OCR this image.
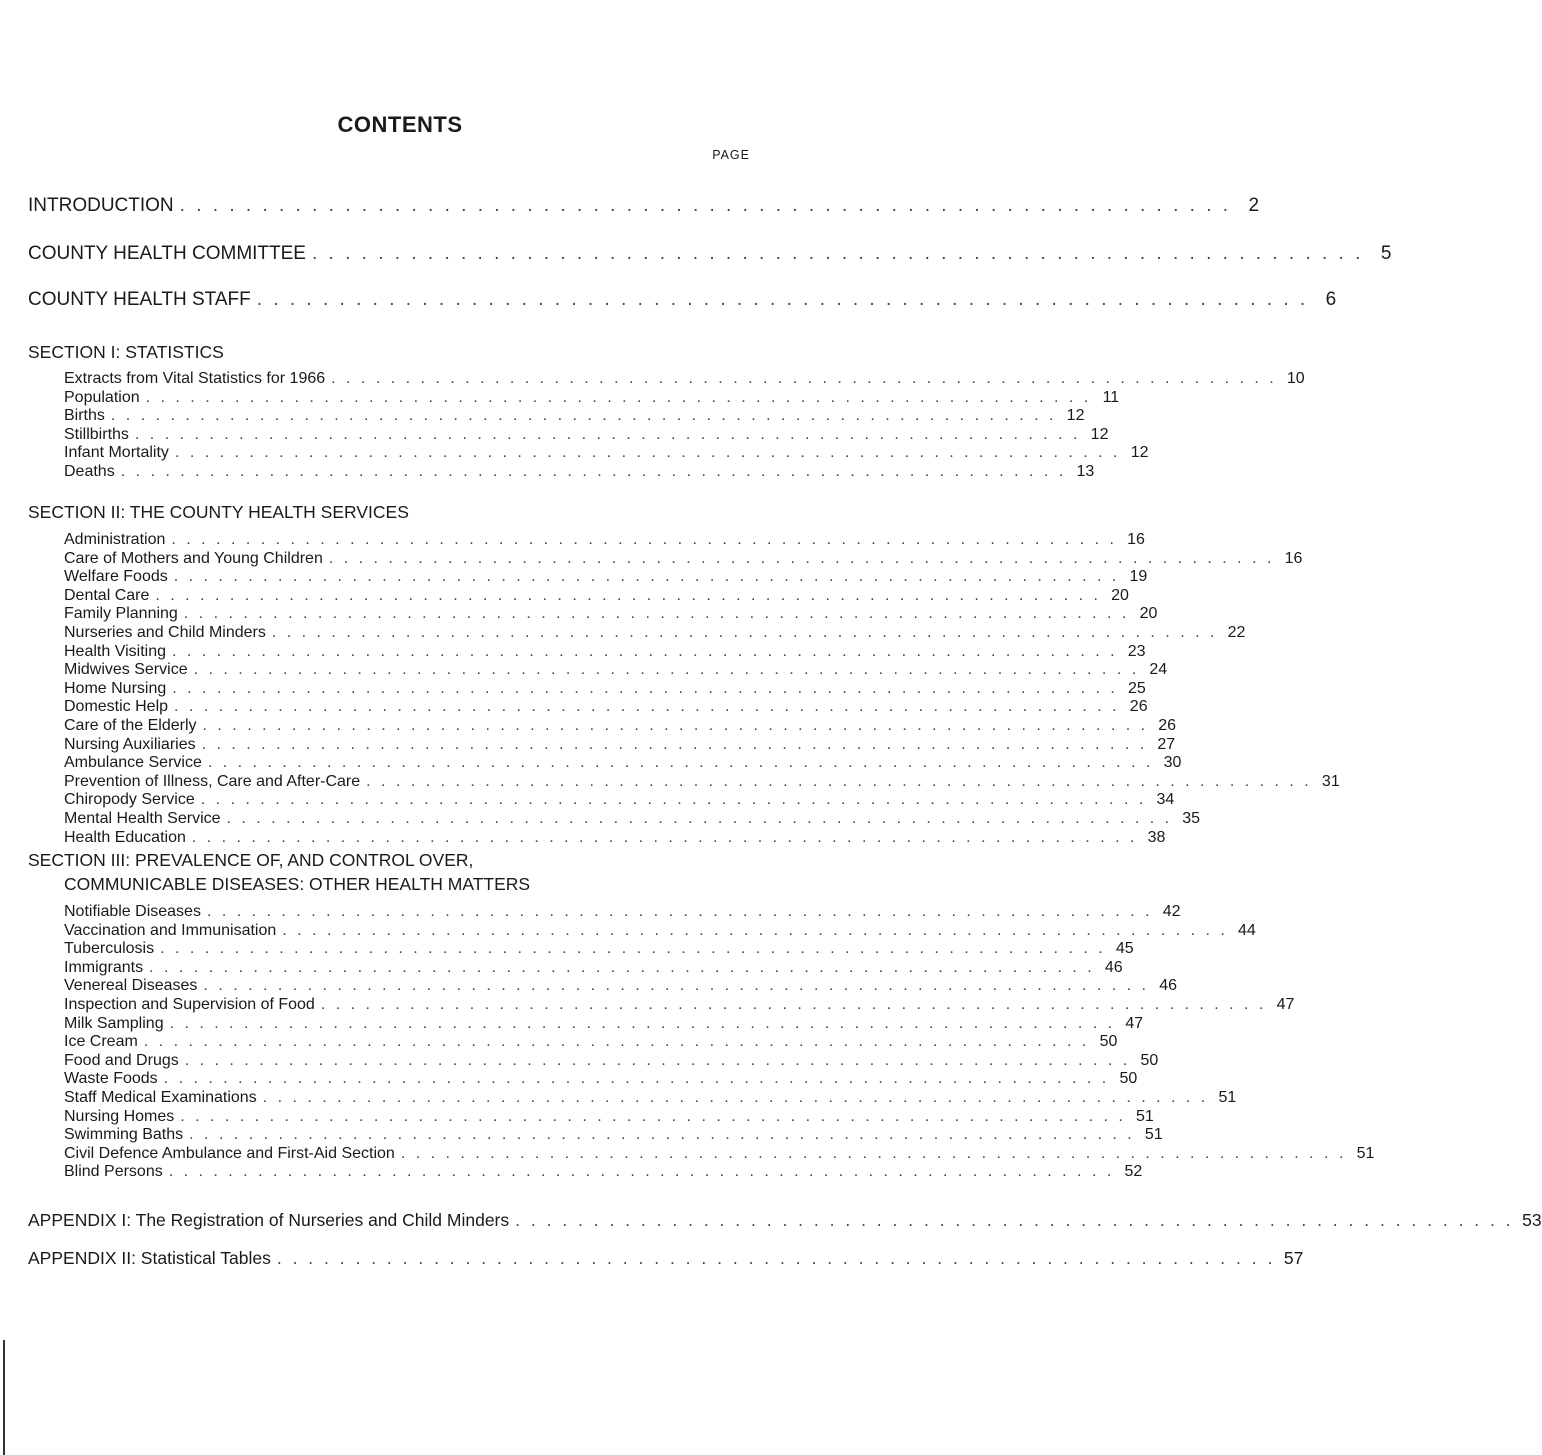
CONTENTS
PAGE
INTRODUCTION . . . . . . . . . . . . . . . . . . . . . . . . . . . . . . . . . . . . . . . . . . . . . . . . . . . . . . . . . . . . . . . . 2
COUNTY HEALTH COMMITTEE . . . . . . . . . . . . . . . . . . . . . . . . . . . . . . . . . . . . . . . . . . . . . . . . . . . . . . . . . . . . . . . . 5
COUNTY HEALTH STAFF . . . . . . . . . . . . . . . . . . . . . . . . . . . . . . . . . . . . . . . . . . . . . . . . . . . . . . . . . . . . . . . . 6
SECTION I: STATISTICS
Extracts from Vital Statistics for 1966 . . . . . . . . . . . . . . . . . . . . . . . . . . . . . . . . . . . . . . . . . . . . . . . . . . . . . . . . . . . . . . . . 10
Population . . . . . . . . . . . . . . . . . . . . . . . . . . . . . . . . . . . . . . . . . . . . . . . . . . . . . . . . . . . . . . . . 11
Births . . . . . . . . . . . . . . . . . . . . . . . . . . . . . . . . . . . . . . . . . . . . . . . . . . . . . . . . . . . . . . . . 12
Stillbirths . . . . . . . . . . . . . . . . . . . . . . . . . . . . . . . . . . . . . . . . . . . . . . . . . . . . . . . . . . . . . . . . 12
Infant Mortality . . . . . . . . . . . . . . . . . . . . . . . . . . . . . . . . . . . . . . . . . . . . . . . . . . . . . . . . . . . . . . . . 12
Deaths . . . . . . . . . . . . . . . . . . . . . . . . . . . . . . . . . . . . . . . . . . . . . . . . . . . . . . . . . . . . . . . . 13
SECTION II: THE COUNTY HEALTH SERVICES
Administration . . . . . . . . . . . . . . . . . . . . . . . . . . . . . . . . . . . . . . . . . . . . . . . . . . . . . . . . . . . . . . . . 16
Care of Mothers and Young Children . . . . . . . . . . . . . . . . . . . . . . . . . . . . . . . . . . . . . . . . . . . . . . . . . . . . . . . . . . . . . . . . 16
Welfare Foods . . . . . . . . . . . . . . . . . . . . . . . . . . . . . . . . . . . . . . . . . . . . . . . . . . . . . . . . . . . . . . . . 19
Dental Care . . . . . . . . . . . . . . . . . . . . . . . . . . . . . . . . . . . . . . . . . . . . . . . . . . . . . . . . . . . . . . . . 20
Family Planning . . . . . . . . . . . . . . . . . . . . . . . . . . . . . . . . . . . . . . . . . . . . . . . . . . . . . . . . . . . . . . . . 20
Nurseries and Child Minders . . . . . . . . . . . . . . . . . . . . . . . . . . . . . . . . . . . . . . . . . . . . . . . . . . . . . . . . . . . . . . . . 22
Health Visiting . . . . . . . . . . . . . . . . . . . . . . . . . . . . . . . . . . . . . . . . . . . . . . . . . . . . . . . . . . . . . . . . 23
Midwives Service . . . . . . . . . . . . . . . . . . . . . . . . . . . . . . . . . . . . . . . . . . . . . . . . . . . . . . . . . . . . . . . . 24
Home Nursing . . . . . . . . . . . . . . . . . . . . . . . . . . . . . . . . . . . . . . . . . . . . . . . . . . . . . . . . . . . . . . . . 25
Domestic Help . . . . . . . . . . . . . . . . . . . . . . . . . . . . . . . . . . . . . . . . . . . . . . . . . . . . . . . . . . . . . . . . 26
Care of the Elderly . . . . . . . . . . . . . . . . . . . . . . . . . . . . . . . . . . . . . . . . . . . . . . . . . . . . . . . . . . . . . . . . 26
Nursing Auxiliaries . . . . . . . . . . . . . . . . . . . . . . . . . . . . . . . . . . . . . . . . . . . . . . . . . . . . . . . . . . . . . . . . 27
Ambulance Service . . . . . . . . . . . . . . . . . . . . . . . . . . . . . . . . . . . . . . . . . . . . . . . . . . . . . . . . . . . . . . . . 30
Prevention of Illness, Care and After-Care . . . . . . . . . . . . . . . . . . . . . . . . . . . . . . . . . . . . . . . . . . . . . . . . . . . . . . . . . . . . . . . . 31
Chiropody Service . . . . . . . . . . . . . . . . . . . . . . . . . . . . . . . . . . . . . . . . . . . . . . . . . . . . . . . . . . . . . . . . 34
Mental Health Service . . . . . . . . . . . . . . . . . . . . . . . . . . . . . . . . . . . . . . . . . . . . . . . . . . . . . . . . . . . . . . . . 35
Health Education . . . . . . . . . . . . . . . . . . . . . . . . . . . . . . . . . . . . . . . . . . . . . . . . . . . . . . . . . . . . . . . . 38
SECTION III: PREVALENCE OF, AND CONTROL OVER,
COMMUNICABLE DISEASES: OTHER HEALTH MATTERS
Notifiable Diseases . . . . . . . . . . . . . . . . . . . . . . . . . . . . . . . . . . . . . . . . . . . . . . . . . . . . . . . . . . . . . . . . 42
Vaccination and Immunisation . . . . . . . . . . . . . . . . . . . . . . . . . . . . . . . . . . . . . . . . . . . . . . . . . . . . . . . . . . . . . . . . 44
Tuberculosis . . . . . . . . . . . . . . . . . . . . . . . . . . . . . . . . . . . . . . . . . . . . . . . . . . . . . . . . . . . . . . . . 45
Immigrants . . . . . . . . . . . . . . . . . . . . . . . . . . . . . . . . . . . . . . . . . . . . . . . . . . . . . . . . . . . . . . . . 46
Venereal Diseases . . . . . . . . . . . . . . . . . . . . . . . . . . . . . . . . . . . . . . . . . . . . . . . . . . . . . . . . . . . . . . . . 46
Inspection and Supervision of Food . . . . . . . . . . . . . . . . . . . . . . . . . . . . . . . . . . . . . . . . . . . . . . . . . . . . . . . . . . . . . . . . 47
Milk Sampling . . . . . . . . . . . . . . . . . . . . . . . . . . . . . . . . . . . . . . . . . . . . . . . . . . . . . . . . . . . . . . . . 47
Ice Cream . . . . . . . . . . . . . . . . . . . . . . . . . . . . . . . . . . . . . . . . . . . . . . . . . . . . . . . . . . . . . . . . 50
Food and Drugs . . . . . . . . . . . . . . . . . . . . . . . . . . . . . . . . . . . . . . . . . . . . . . . . . . . . . . . . . . . . . . . . 50
Waste Foods . . . . . . . . . . . . . . . . . . . . . . . . . . . . . . . . . . . . . . . . . . . . . . . . . . . . . . . . . . . . . . . . 50
Staff Medical Examinations . . . . . . . . . . . . . . . . . . . . . . . . . . . . . . . . . . . . . . . . . . . . . . . . . . . . . . . . . . . . . . . . 51
Nursing Homes . . . . . . . . . . . . . . . . . . . . . . . . . . . . . . . . . . . . . . . . . . . . . . . . . . . . . . . . . . . . . . . . 51
Swimming Baths . . . . . . . . . . . . . . . . . . . . . . . . . . . . . . . . . . . . . . . . . . . . . . . . . . . . . . . . . . . . . . . . 51
Civil Defence Ambulance and First-Aid Section . . . . . . . . . . . . . . . . . . . . . . . . . . . . . . . . . . . . . . . . . . . . . . . . . . . . . . . . . . . . . . . . 51
Blind Persons . . . . . . . . . . . . . . . . . . . . . . . . . . . . . . . . . . . . . . . . . . . . . . . . . . . . . . . . . . . . . . . . 52
APPENDIX I: The Registration of Nurseries and Child Minders . . . . . . . . . . . . . . . . . . . . . . . . . . . . . . . . . . . . . . . . . . . . . . . . . . . . . . . . . . . . . . . . 53
APPENDIX II: Statistical Tables . . . . . . . . . . . . . . . . . . . . . . . . . . . . . . . . . . . . . . . . . . . . . . . . . . . . . . . . . . . . . . . . 57
